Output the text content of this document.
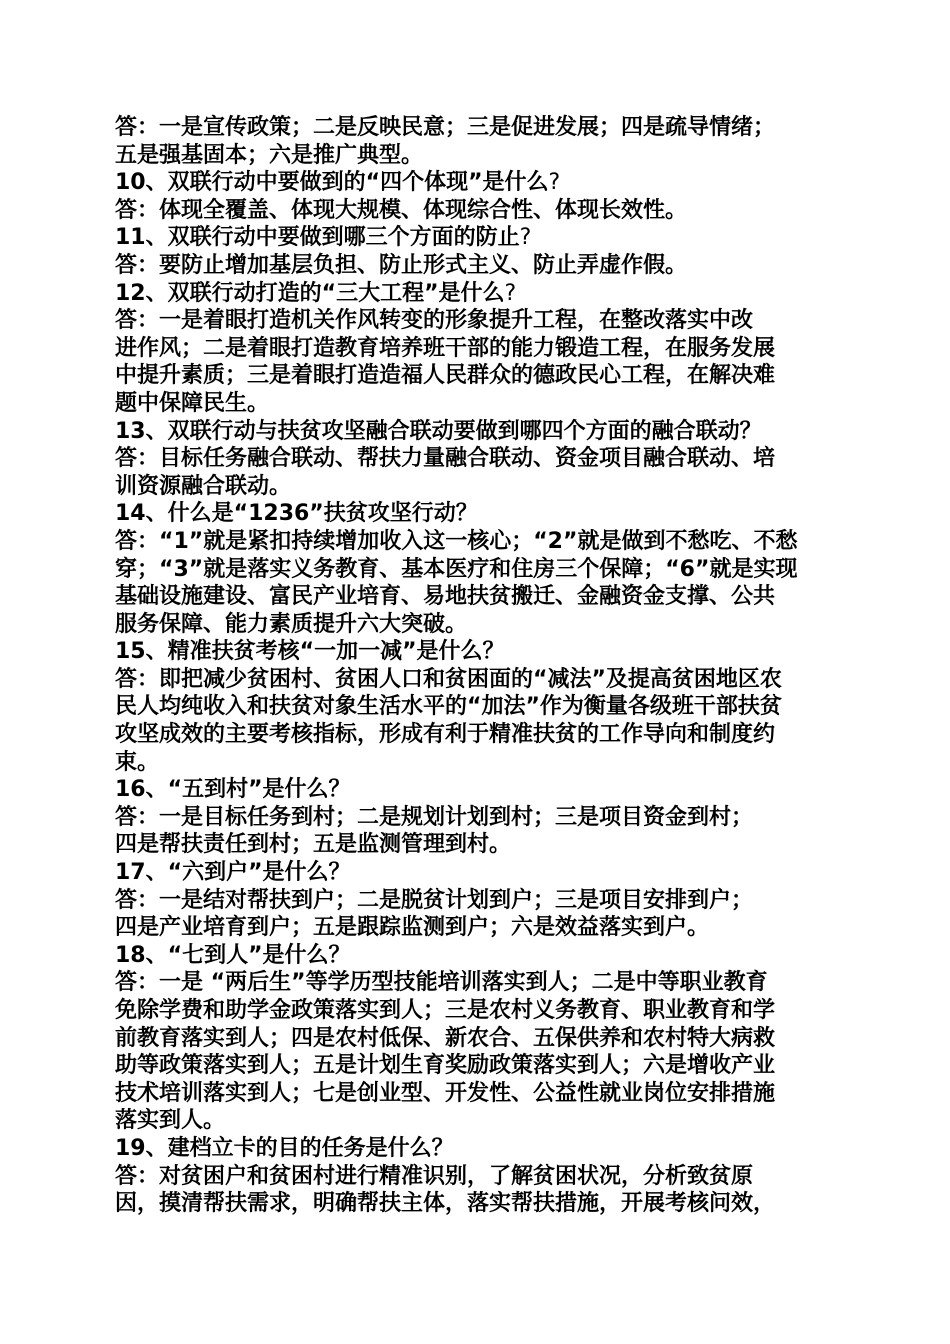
答：一是宣传政策；二是反映民意；三是促进发展；四是疏导情绪；
五是强基固本；六是推广典型。
10、双联行动中要做到的“四个体现”是什么?
答：体现全覆盖、体现大规模、体现综合性、体现长效性。
11、双联行动中要做到哪三个方面的防止?
答：要防止增加基层负担、防止形式主义、防止弄虚作假。
12、双联行动打造的“三大工程”是什么?
答：一是着眼打造机关作风转变的形象提升工程，在整改落实中改
进作风；二是着眼打造教育培养班干部的能力锻造工程，在服务发展
中提升素质；三是着眼打造造福人民群众的德政民心工程，在解决难
题中保障民生。
13、双联行动与扶贫攻坚融合联动要做到哪四个方面的融合联动？
答：目标任务融合联动、帮扶力量融合联动、资金项目融合联动、培
训资源融合联动。
14、什么是“1236”扶贫攻坚行动？
答：“1”就是紧扣持续增加收入这一核心；“2”就是做到不愁吃、不愁
穿；“3”就是落实义务教育、基本医疗和住房三个保障；“6”就是实现
基础设施建设、富民产业培育、易地扶贫搬迁、金融资金支撑、公共
服务保障、能力素质提升六大突破。
15、精准扶贫考核“一加一减”是什么？
答：即把减少贫困村、贫困人口和贫困面的“减法”及提高贫困地区农
民人均纯收入和扶贫对象生活水平的“加法”作为衡量各级班干部扶贫
攻坚成效的主要考核指标，形成有利于精准扶贫的工作导向和制度约
束。
16、“五到村”是什么？
答：一是目标任务到村；二是规划计划到村；三是项目资金到村；
四是帮扶责任到村；五是监测管理到村。
17、“六到户”是什么？
答：一是结对帮扶到户；二是脱贫计划到户；三是项目安排到户；
四是产业培育到户；五是跟踪监测到户；六是效益落实到户。
18、“七到人”是什么？
答：一是 “两后生”等学历型技能培训落实到人；二是中等职业教育
免除学费和助学金政策落实到人；三是农村义务教育、职业教育和学
前教育落实到人；四是农村低保、新农合、五保供养和农村特大病救
助等政策落实到人；五是计划生育奖励政策落实到人；六是增收产业
技术培训落实到人；七是创业型、开发性、公益性就业岗位安排措施
落实到人。
19、建档立卡的目的任务是什么？
答：对贫困户和贫困村进行精准识别，了解贫困状况，分析致贫原
因，摸清帮扶需求，明确帮扶主体，落实帮扶措施，开展考核问效，
